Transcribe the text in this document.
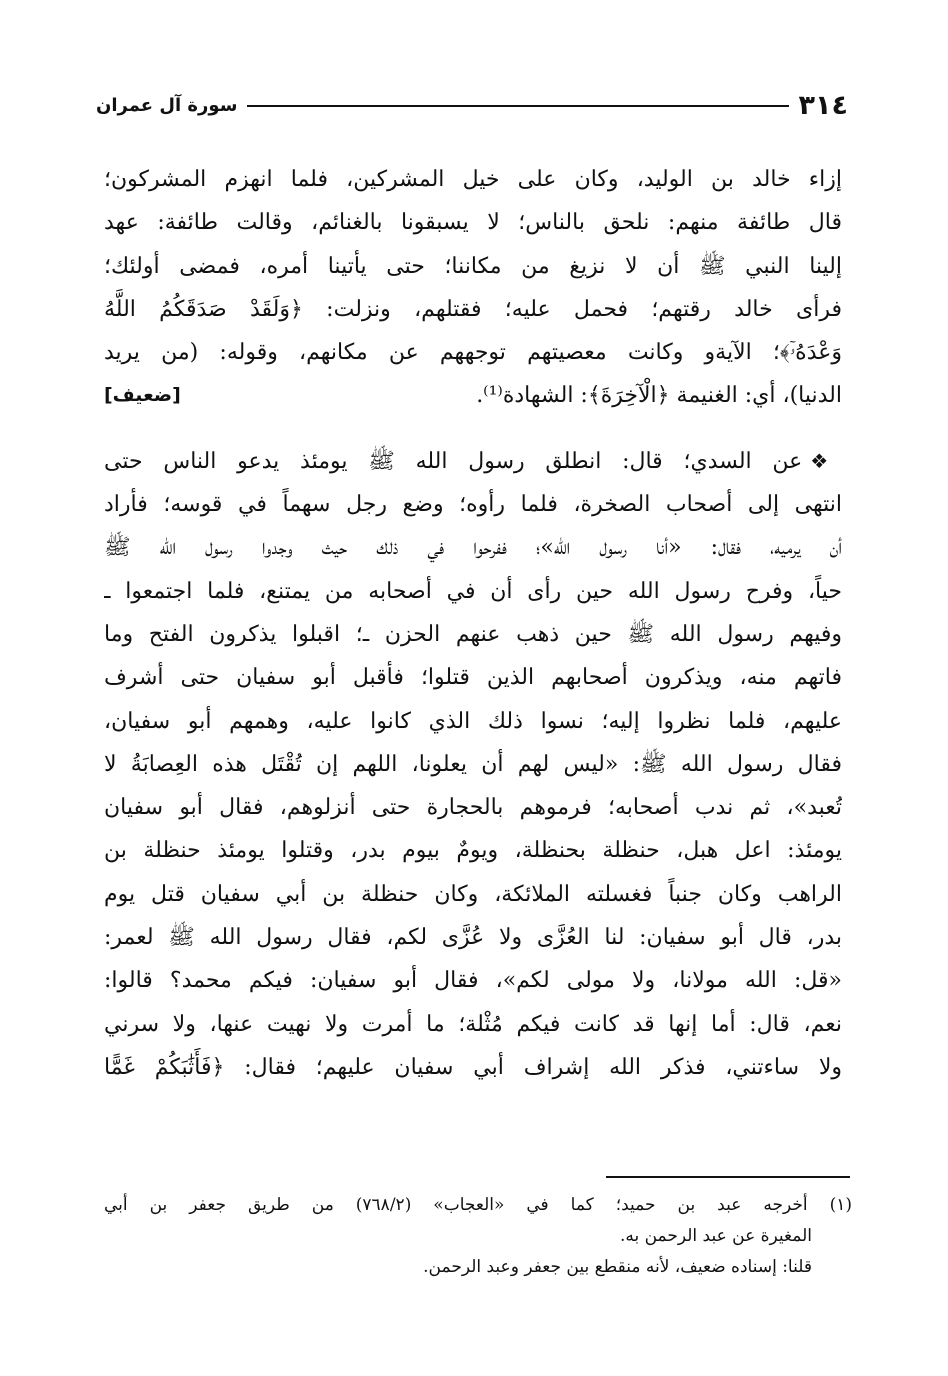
٣١٤
سورة آل عمران
إزاء خالد بن الوليد، وكان على خيل المشركين، فلما انهزم المشركون؛
قال طائفة منهم: نلحق بالناس؛ لا يسبقونا بالغنائم، وقالت طائفة: عهد
إلينا النبي ﷺ أن لا نزيغ من مكاننا؛ حتى يأتينا أمره، فمضى أولئك؛
فرأى خالد رقتهم؛ فحمل عليه؛ فقتلهم، ونزلت: ﴿وَلَقَدْ صَدَقَكُمُ اللَّهُ
وَعْدَهُۥٓ﴾؛ الآيةو وكانت معصيتهم توجههم عن مكانهم، وقوله: (من يريد
الدنيا)، أي: الغنيمة ﴿الْآخِرَةَ﴾: الشهادة⁽¹⁾.
[ضعيف]
❖عن السدي؛ قال: انطلق رسول الله ﷺ يومئذ يدعو الناس حتى
انتهى إلى أصحاب الصخرة، فلما رأوه؛ وضع رجل سهماً في قوسه؛ فأراد
أن يرميه، فقال: «أنا رسول الله»؛ ففرحوا في ذلك حيث وجدوا رسول الله ﷺ
حياً، وفرح رسول الله حين رأى أن في أصحابه من يمتنع، فلما اجتمعوا ـ
وفيهم رسول الله ﷺ حين ذهب عنهم الحزن ـ؛ اقبلوا يذكرون الفتح وما
فاتهم منه، ويذكرون أصحابهم الذين قتلوا؛ فأقبل أبو سفيان حتى أشرف
عليهم، فلما نظروا إليه؛ نسوا ذلك الذي كانوا عليه، وهمهم أبو سفيان،
فقال رسول الله ﷺ: «ليس لهم أن يعلونا، اللهم إن تُقْتَل هذه العِصابَةُ لا
تُعبد»، ثم ندب أصحابه؛ فرموهم بالحجارة حتى أنزلوهم، فقال أبو سفيان
يومئذ: اعل هبل، حنظلة بحنظلة، ويومٌ بيوم بدر، وقتلوا يومئذ حنظلة بن
الراهب وكان جنباً فغسلته الملائكة، وكان حنظلة بن أبي سفيان قتل يوم
بدر، قال أبو سفيان: لنا العُزَّى ولا عُزَّى لكم، فقال رسول الله ﷺ لعمر:
«قل: الله مولانا، ولا مولى لكم»، فقال أبو سفيان: فيكم محمد؟ قالوا:
نعم، قال: أما إنها قد كانت فيكم مُثْلة؛ ما أمرت ولا نهيت عنها، ولا سرني
ولا ساءتني، فذكر الله إشراف أبي سفيان عليهم؛ فقال: ﴿فَأَثَٰبَكُمْ غَمًّا
(١) أخرجه عبد بن حميد؛ كما في «العجاب» (٧٦٨/٢) من طريق جعفر بن أبي
المغيرة عن عبد الرحمن به.
قلنا: إسناده ضعيف، لأنه منقطع بين جعفر وعبد الرحمن.
